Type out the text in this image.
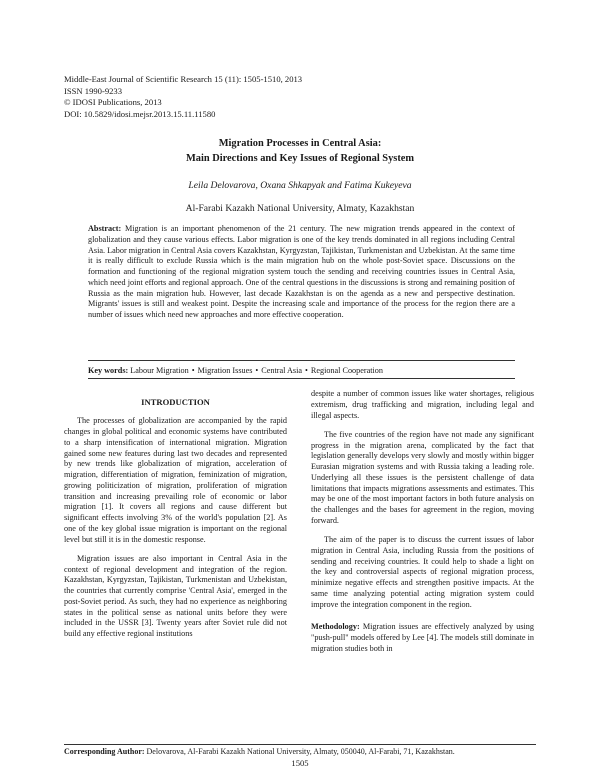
Middle-East Journal of Scientific Research 15 (11): 1505-1510, 2013
ISSN 1990-9233
© IDOSI Publications, 2013
DOI: 10.5829/idosi.mejsr.2013.15.11.11580
Migration Processes in Central Asia:
Main Directions and Key Issues of Regional System
Leila Delovarova, Oxana Shkapyak and Fatima Kukeyeva
Al-Farabi Kazakh National University, Almaty, Kazakhstan
Abstract: Migration is an important phenomenon of the 21 century. The new migration trends appeared in the context of globalization and they cause various effects. Labor migration is one of the key trends dominated in all regions including Central Asia. Labor migration in Central Asia covers Kazakhstan, Kyrgyzstan, Tajikistan, Turkmenistan and Uzbekistan. At the same time it is really difficult to exclude Russia which is the main migration hub on the whole post-Soviet space. Discussions on the formation and functioning of the regional migration system touch the sending and receiving countries issues in Central Asia, which need joint efforts and regional approach. One of the central questions in the discussions is strong and remaining position of Russia as the main migration hub. However, last decade Kazakhstan is on the agenda as a new and perspective destination. Migrants' issues is still and weakest point. Despite the increasing scale and importance of the process for the region there are a number of issues which need new approaches and more effective cooperation.
Key words: Labour Migration • Migration Issues • Central Asia • Regional Cooperation

INTRODUCTION

The processes of globalization are accompanied by the rapid changes in global political and economic systems have contributed to a sharp intensification of international migration. Migration gained some new features during last two decades and represented by new trends like globalization of migration, acceleration of migration, differentiation of migration, feminization of migration, growing politicization of migration, proliferation of migration transition and increasing prevailing role of economic or labor migration [1]. It covers all regions and cause different but significant effects involving 3% of the world's population [2]. As one of the key global issue migration is important on the regional level but still it is in the domestic response.

Migration issues are also important in Central Asia in the context of regional development and integration of the region. Kazakhstan, Kyrgyzstan, Tajikistan, Turkmenistan and Uzbekistan, the countries that currently comprise 'Central Asia', emerged in the post-Soviet period. As such, they had no experience as neighboring states in the political sense as national units before they were included in the USSR [3]. Twenty years after Soviet rule did not build any effective regional institutions

despite a number of common issues like water shortages, religious extremism, drug trafficking and migration, including legal and illegal aspects.

The five countries of the region have not made any significant progress in the migration arena, complicated by the fact that legislation generally develops very slowly and mostly within bigger Eurasian migration systems and with Russia taking a leading role. Underlying all these issues is the persistent challenge of data limitations that impacts migrations assessments and estimates. This may be one of the most important factors in both future analysis on the challenges and the bases for agreement in the region, moving forward.

The aim of the paper is to discuss the current issues of labor migration in Central Asia, including Russia from the positions of sending and receiving countries. It could help to shade a light on the key and controversial aspects of regional migration process, minimize negative effects and strengthen positive impacts. At the same time analyzing potential acting migration system could improve the integration component in the region.

Methodology: Migration issues are effectively analyzed by using "push-pull" models offered by Lee [4]. The models still dominate in migration studies both in

Corresponding Author: Delovarova, Al-Farabi Kazakh National University, Almaty, 050040, Al-Farabi, 71, Kazakhstan.
1505
